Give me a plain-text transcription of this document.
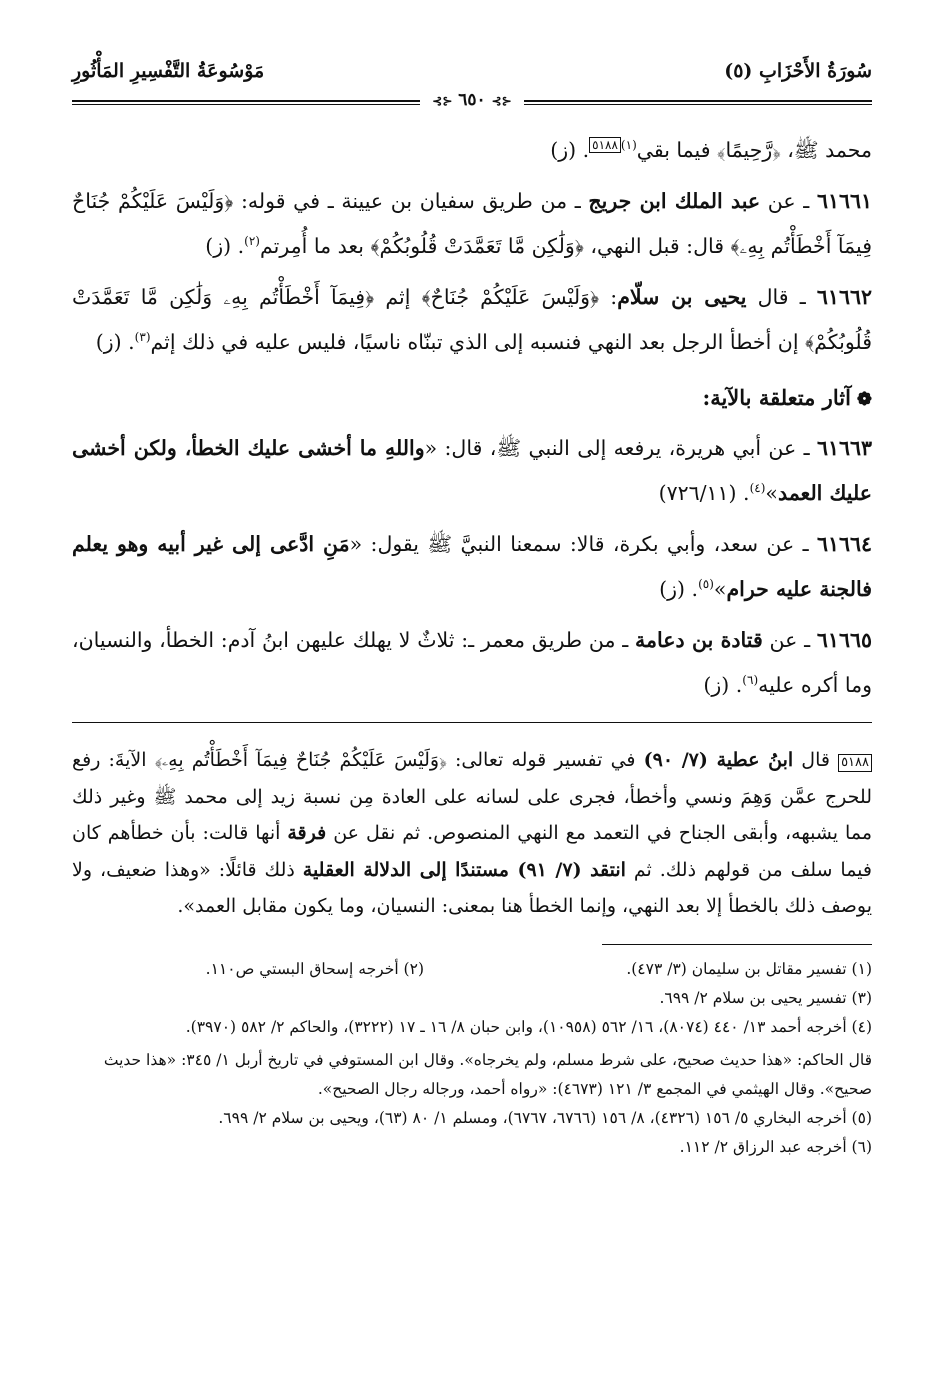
سُورَةُ الأَحْزَابِ (٥)
مَوْسُوعَةُ التَّفْسِيرِ المَأْثُورِ
⊰⊱ ٦٥٠ ⊰⊱

محمد ﷺ، ﴿رَّحِيمًا﴾ فيما بقي$^{(١)}$٥١٨٨. (ز)

٦١٦٦١ ـ عن عبد الملك ابن جريج ـ من طريق سفيان بن عيينة ـ في قوله: ﴿وَلَيْسَ عَلَيْكُمْ جُنَاحٌ فِيمَآ أَخْطَأْتُم بِهِۦ﴾ قال: قبل النهي، ﴿وَلَٰكِن مَّا تَعَمَّدَتْ قُلُوبُكُمْ﴾ بعد ما أُمِرتم$^{(٢)}$. (ز)

٦١٦٦٢ ـ قال يحيى بن سلّام: ﴿وَلَيْسَ عَلَيْكُمْ جُنَاحٌ﴾ إثم ﴿فِيمَآ أَخْطَأْتُم بِهِۦ وَلَٰكِن مَّا تَعَمَّدَتْ قُلُوبُكُمْ﴾ إن أخطأ الرجل بعد النهي فنسبه إلى الذي تبنّاه ناسيًا، فليس عليه في ذلك إثم$^{(٣)}$. (ز)

❁آثار متعلقة بالآية:

٦١٦٦٣ ـ عن أبي هريرة، يرفعه إلى النبي ﷺ، قال: «واللهِ ما أخشى عليك الخطأ، ولكن أخشى عليك العمد»$^{(٤)}$. (٧٢٦/١١)

٦١٦٦٤ ـ عن سعد، وأبي بكرة، قالا: سمعنا النبيَّ ﷺ يقول: «مَنِ ادَّعى إلى غير أبيه وهو يعلم فالجنة عليه حرام»$^{(٥)}$. (ز)

٦١٦٦٥ ـ عن قتادة بن دعامة ـ من طريق معمر ـ: ثلاثٌ لا يهلك عليهن ابنُ آدم: الخطأ، والنسيان، وما أكره عليه$^{(٦)}$. (ز)

٥١٨٨ قال ابنُ عطية (٧/ ٩٠) في تفسير قوله تعالى: ﴿وَلَيْسَ عَلَيْكُمْ جُنَاحٌ فِيمَآ أَخْطَأْتُم بِهِۦ﴾ الآيةَ: رفع للحرج عمَّن وَهِمَ ونسي وأخطأ، فجرى على لسانه على العادة مِن نسبة زيد إلى محمد ﷺ وغير ذلك مما يشبهه، وأبقى الجناح في التعمد مع النهي المنصوص. ثم نقل عن فرقة أنها قالت: بأن خطأهم كان فيما سلف من قولهم ذلك. ثم انتقد (٧/ ٩١) مستندًا إلى الدلالة العقلية ذلك قائلًا: «وهذا ضعيف، ولا يوصف ذلك بالخطأ إلا بعد النهي، وإنما الخطأ هنا بمعنى: النسيان، وما يكون مقابل العمد».

(١) تفسير مقاتل بن سليمان (٣/ ٤٧٣).
(٢) أخرجه إسحاق البستي ص١١٠.
(٣) تفسير يحيى بن سلام ٢/ ٦٩٩.
(٤) أخرجه أحمد ١٣/ ٤٤٠ (٨٠٧٤)، ١٦/ ٥٦٢ (١٠٩٥٨)، وابن حبان ٨/ ١٦ ـ ١٧ (٣٢٢٢)، والحاكم ٢/ ٥٨٢ (٣٩٧٠).
قال الحاكم: «هذا حديث صحيح، على شرط مسلم، ولم يخرجاه». وقال ابن المستوفي في تاريخ أربل ١/ ٣٤٥: «هذا حديث صحيح». وقال الهيثمي في المجمع ٣/ ١٢١ (٤٦٧٣): «رواه أحمد، ورجاله رجال الصحيح».
(٥) أخرجه البخاري ٥/ ١٥٦ (٤٣٢٦)، ٨/ ١٥٦ (٦٧٦٦، ٦٧٦٧)، ومسلم ١/ ٨٠ (٦٣)، ويحيى بن سلام ٢/ ٦٩٩.
(٦) أخرجه عبد الرزاق ٢/ ١١٢.
